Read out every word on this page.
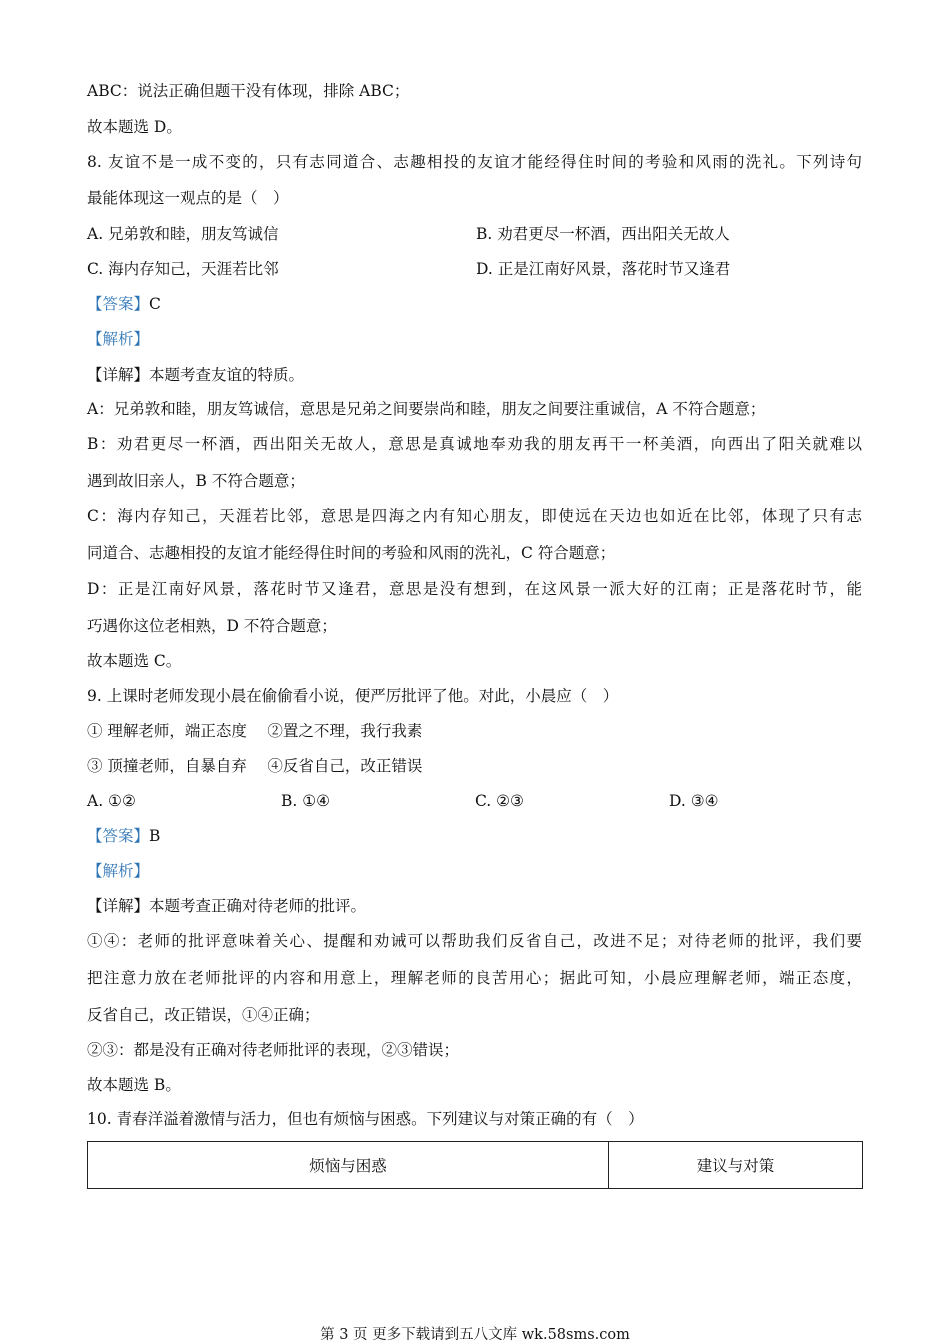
ABC：说法正确但题干没有体现，排除 ABC；
故本题选 D。
8. 友谊不是一成不变的，只有志同道合、志趣相投的友谊才能经得住时间的考验和风雨的洗礼。下列诗句
最能体现这一观点的是（　）
A. 兄弟敦和睦，朋友笃诚信	B. 劝君更尽一杯酒，西出阳关无故人
C. 海内存知己，天涯若比邻	D. 正是江南好风景，落花时节又逢君
【答案】C
【解析】
【详解】本题考查友谊的特质。
A：兄弟敦和睦，朋友笃诚信，意思是兄弟之间要崇尚和睦，朋友之间要注重诚信，A 不符合题意；
B：劝君更尽一杯酒，西出阳关无故人，意思是真诚地奉劝我的朋友再干一杯美酒，向西出了阳关就难以
遇到故旧亲人，B 不符合题意；
C：海内存知己，天涯若比邻，意思是四海之内有知心朋友，即使远在天边也如近在比邻，体现了只有志
同道合、志趣相投的友谊才能经得住时间的考验和风雨的洗礼，C 符合题意；
D：正是江南好风景，落花时节又逢君，意思是没有想到，在这风景一派大好的江南；正是落花时节，能
巧遇你这位老相熟，D 不符合题意；
故本题选 C。
9. 上课时老师发现小晨在偷偷看小说，便严厉批评了他。对此，小晨应（　）
① 理解老师，端正态度　 ②置之不理，我行我素
③ 顶撞老师，自暴自弃　 ④反省自己，改正错误
A. ①②	B. ①④	C. ②③	D. ③④
【答案】B
【解析】
【详解】本题考查正确对待老师的批评。
①④：老师的批评意味着关心、提醒和劝诫可以帮助我们反省自己，改进不足；对待老师的批评，我们要
把注意力放在老师批评的内容和用意上，理解老师的良苦用心；据此可知，小晨应理解老师，端正态度，
反省自己，改正错误，①④正确；
②③：都是没有正确对待老师批评的表现，②③错误；
故本题选 B。
10. 青春洋溢着激情与活力，但也有烦恼与困惑。下列建议与对策正确的有（　）
烦恼与困惑	建议与对策
第 3 页 更多下载请到五八文库 wk.58sms.com
